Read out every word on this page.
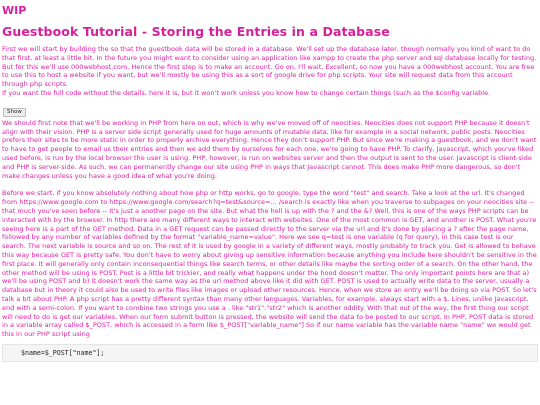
WIP
Guestbook Tutorial - Storing the Entries in a Database

First we will start by building the so that the guestbook data will be stored in a database. We'll set up the database later, though normally you kind of want to do that first, at least a little bit. In the future you might want to consider using an application like xampp to create the php server and sql database locally for testing. But for this we'll use 000webhost.com. Hence the first step is to make an account. Go on, I'll wait. Excellent, so now you have a 000webhost account. You are free to use this to host a website if you want, but we'll mostly be using this as a sort of google drive for php scripts. Your site will request data from this account through php scripts.

If you want the full code without the details, here it is, but it won't work unless you know how to change certain things (such as the $config variable.

Show

We should first note that we'll be working in PHP from here on out, which is why we've moved off of neocities. Neocities does not support PHP because it doesn't align with their vision. PHP is a server side script generally used for huge amounts of mutable data, like for example in a social network, public posts. Neocities prefers their sites to be more static in order to properly archive everything. Hence they don't support PHP. But since we're making a guestbook, and we don't want to have to get people to email us their entries and then we add them by ourselves for each one, we're going to have PHP. To clarify, Javascript, which you've liked used before, is run by the local browser the user is using. PHP, however, is run on websites server and then the output is sent to the user. Javascript is client-side and PHP is server-side. As such, we can permanently change our site using PHP in ways that Javascript cannot. This does make PHP more dangerous, so don't make changes unless you have a good idea of what you're doing.

Before we start, if you know absolutely nothing about how php or http works, go to google, type the word "test" and search. Take a look at the url. It's changed from https://www.google.com to https://www.google.com/search?q=test&source=... /search is exactly like when you traverse to subpages on your neocities site -- that much you've seen before -- It's just a another page on the site. But what the hell is up with the ? and the &? Well, this is one of the ways PHP scripts can be interacted with by the browser. In http there are many different ways to interact with websites. One of the most common is GET, and another is POST. What you're seeing here is a part of the GET method. Data in a GET request can be passed directly to the server via the url and it's done by placing a ? after the page name, followed by any number of variables defined by the format "variable_name=value". Here we see q=test is one variable (q for query), in this case test is our search. The next variable is source and so on. The rest of it is used by google in a variety of different ways, mostly probably to track you. Get is allowed to behave this way because GET is pretty safe. You don't have to worry about giving up sensitive information because anything you include here shouldn't be sensitive in the first place. It will generally only contain inconsequential things like search terms, or other details like maybe the sorting order of a search. On the other hand, the other method will be using is POST. Post is a little bit trickier, and really what happens under the hood doesn't matter. The only important points here are that a) we'll be using POST and b) it doesn't work the same way as the url method above like it did with GET. POST is used to actually write data to the server, usually a database but in theory it could also be used to write files like images or upload other resources. Hence, when we store an entry we'll be doing so via POST. So let's talk a bit about PHP. A php script has a pretty different syntax than many other languages. Variables, for example, always start with a $. Lines, unlike Javascript, end with a semi-colon. If you want to combine two strings you use a . like "str1"."str2" which is another oddity. With that out of the way, the first thing our script will need to do is get our variables. When our form submit button is pressed, the website will send the data to be posted to our script. In PHP, POST data is stored in a variable array called $_POST, which is accessed in a form like $_POST["variable_name"] So if our name variable has the variable name "name" we would get this in our PHP script using

$name=$_POST["name"];
